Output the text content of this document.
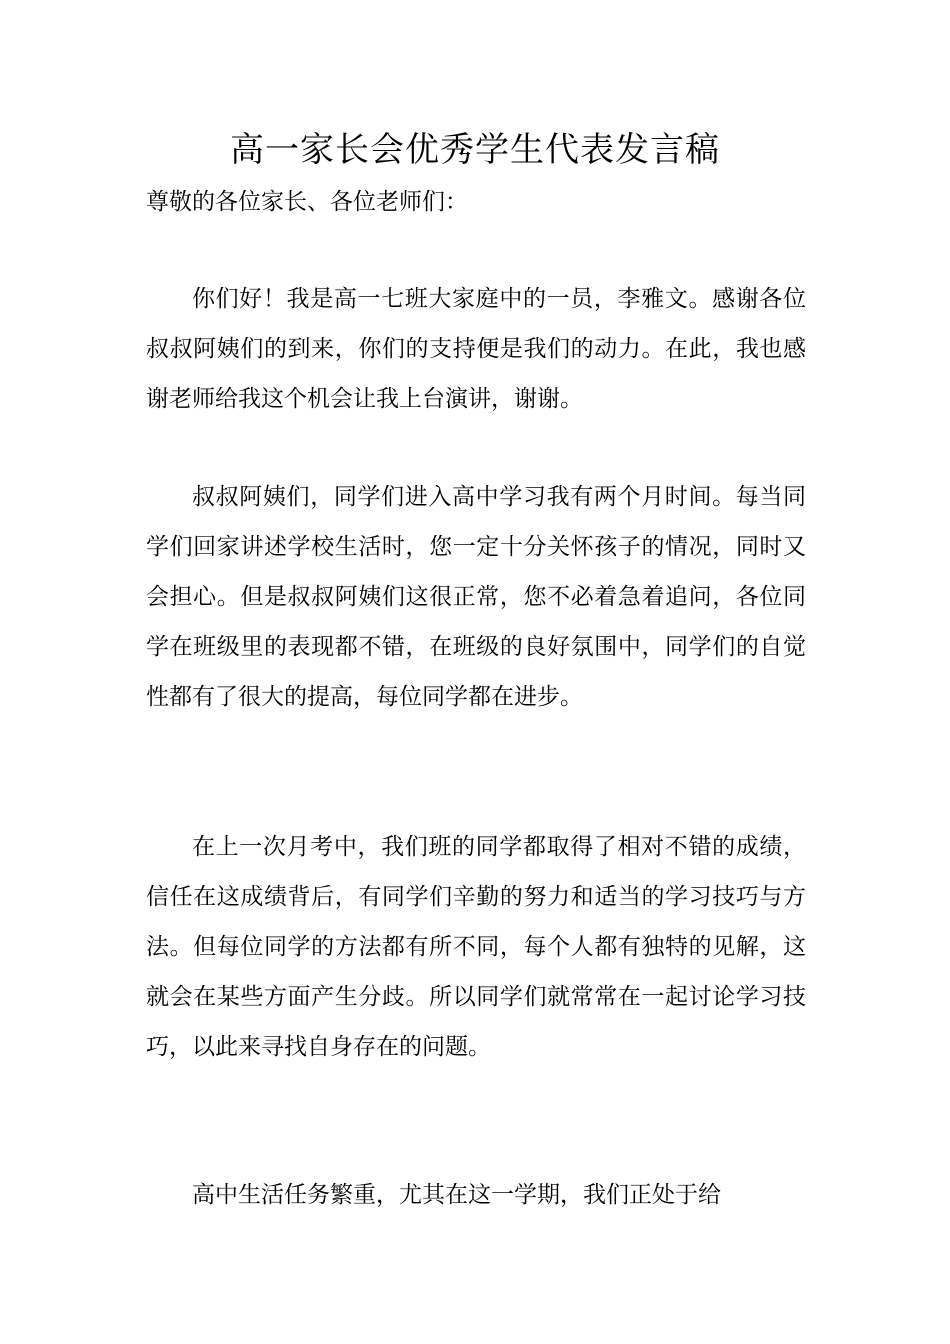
高一家长会优秀学生代表发言稿

尊敬的各位家长、各位老师们：

你们好！我是高一七班大家庭中的一员，李雅文。感谢各位叔叔阿姨们的到来，你们的支持便是我们的动力。在此，我也感谢老师给我这个机会让我上台演讲，谢谢。

叔叔阿姨们，同学们进入高中学习我有两个月时间。每当同学们回家讲述学校生活时，您一定十分关怀孩子的情况，同时又会担心。但是叔叔阿姨们这很正常，您不必着急着追问，各位同学在班级里的表现都不错，在班级的良好氛围中，同学们的自觉性都有了很大的提高，每位同学都在进步。

在上一次月考中，我们班的同学都取得了相对不错的成绩，信任在这成绩背后，有同学们辛勤的努力和适当的学习技巧与方法。但每位同学的方法都有所不同，每个人都有独特的见解，这就会在某些方面产生分歧。所以同学们就常常在一起讨论学习技巧，以此来寻找自身存在的问题。

高中生活任务繁重，尤其在这一学期，我们正处于给
